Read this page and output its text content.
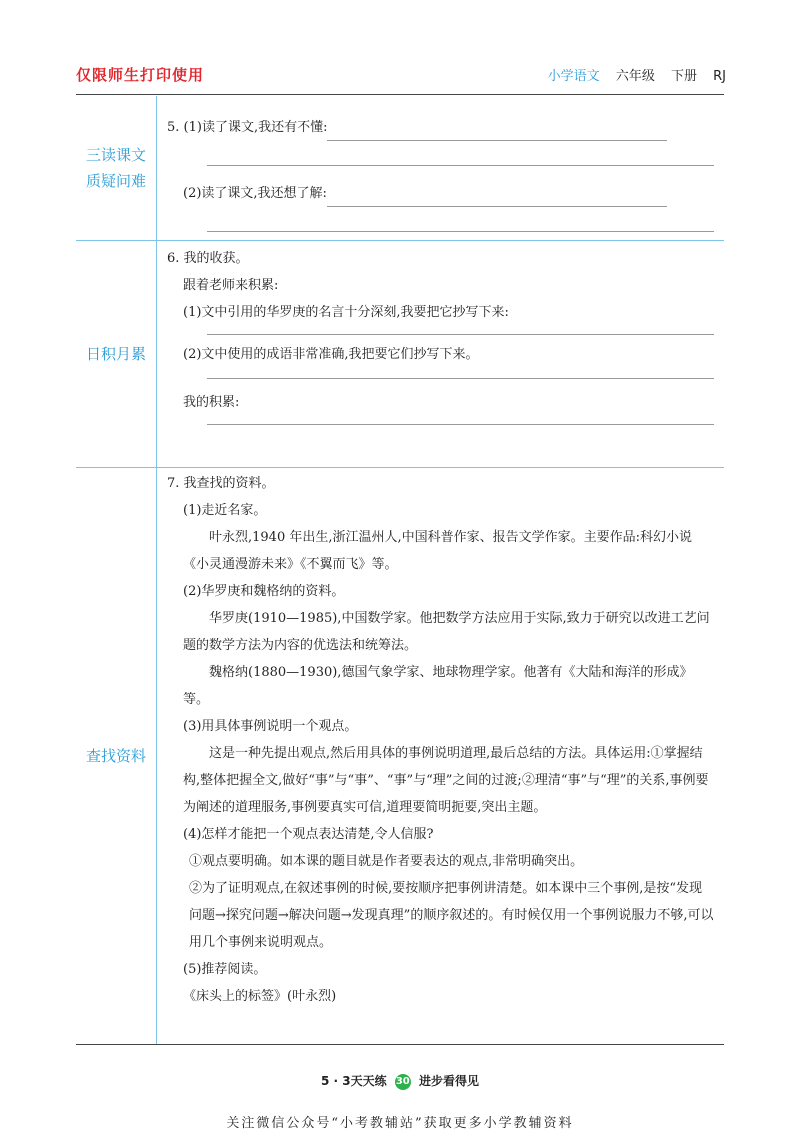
仅限师生打印使用	小学语文 六年级 下册 RJ
三读课文
质疑问难
5. (1)读了课文,我还有不懂:
(2)读了课文,我还想了解:
日积月累
6. 我的收获。
跟着老师来积累:
(1)文中引用的华罗庚的名言十分深刻,我要把它抄写下来:
(2)文中使用的成语非常准确,我把要它们抄写下来。
我的积累:
查找资料
7. 我查找的资料。
(1)走近名家。
叶永烈,1940 年出生,浙江温州人,中国科普作家、报告文学作家。主要作品:科幻小说《小灵通漫游未来》《不翼而飞》等。
(2)华罗庚和魏格纳的资料。
华罗庚(1910—1985),中国数学家。他把数学方法应用于实际,致力于研究以改进工艺问题的数学方法为内容的优选法和统筹法。
魏格纳(1880—1930),德国气象学家、地球物理学家。他著有《大陆和海洋的形成》等。
(3)用具体事例说明一个观点。
这是一种先提出观点,然后用具体的事例说明道理,最后总结的方法。具体运用:①掌握结构,整体把握全文,做好“事”与“事”、“事”与“理”之间的过渡;②理清“事”与“理”的关系,事例要为阐述的道理服务,事例要真实可信,道理要简明扼要,突出主题。
(4)怎样才能把一个观点表达清楚,令人信服?
①观点要明确。如本课的题目就是作者要表达的观点,非常明确突出。
②为了证明观点,在叙述事例的时候,要按顺序把事例讲清楚。如本课中三个事例,是按“发现问题→探究问题→解决问题→发现真理”的顺序叙述的。有时候仅用一个事例说服力不够,可以用几个事例来说明观点。
(5)推荐阅读。
《床头上的标签》(叶永烈)
5 · 3天天练 30 进步看得见
关注微信公众号“小考教辅站”获取更多小学教辅资料
